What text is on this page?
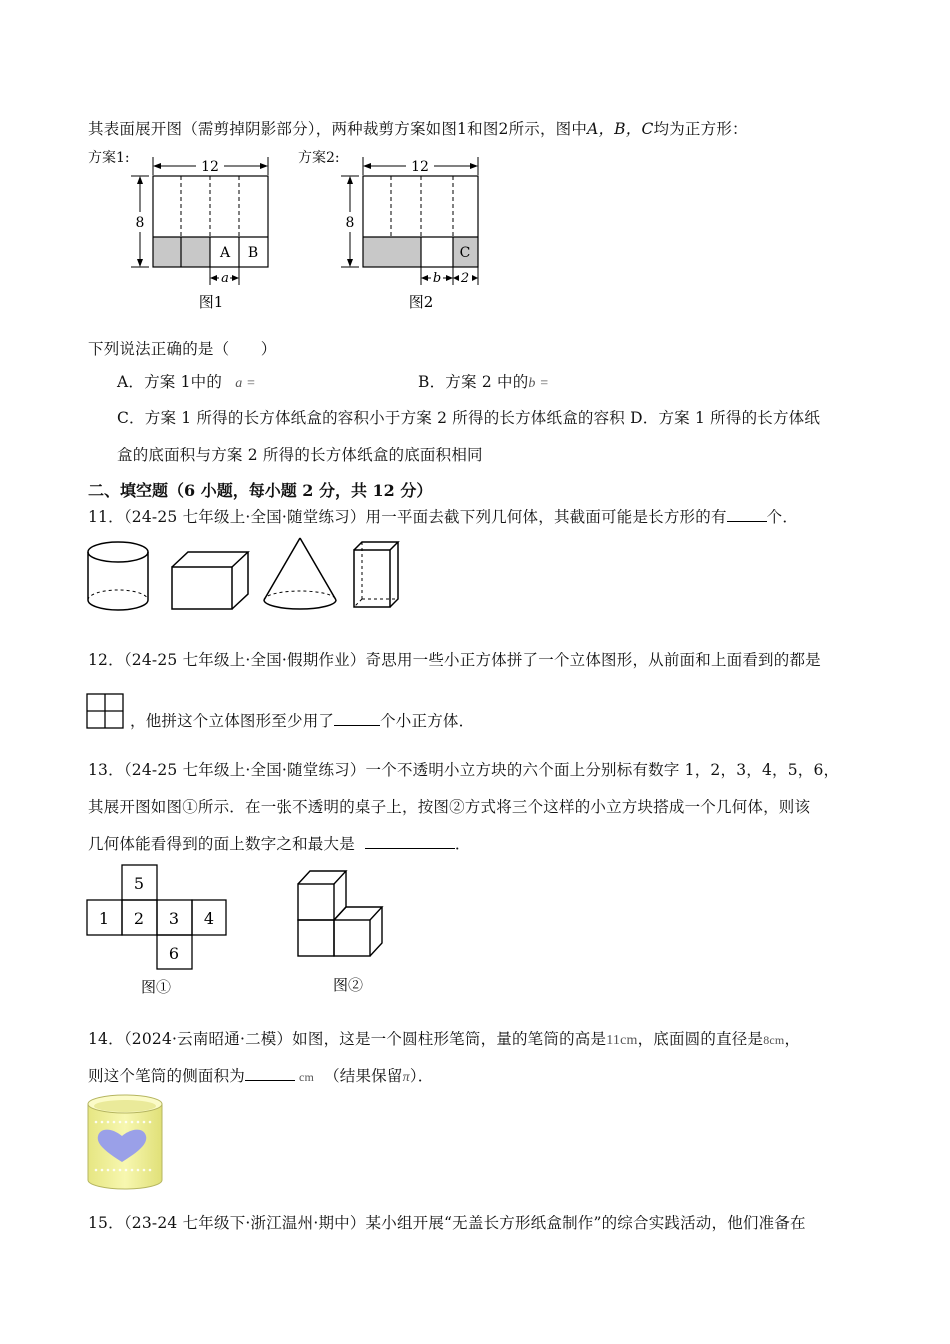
其表面展开图（需剪掉阴影部分），两种裁剪方案如图1和图2所示，图中A，B，C均为正方形：
方案1:	方案2:
12
8
A B
a
图1
12
8
C
b 2
图2
下列说法正确的是（　　）
A．方案 1中的 a =	B．方案 2 中的b =
C．方案 1 所得的长方体纸盒的容积小于方案 2 所得的长方体纸盒的容积 D．方案 1 所得的长方体纸
盒的底面积与方案 2 所得的长方体纸盒的底面积相同
二、填空题（6 小题，每小题 2 分，共 12 分）
11．（24-25 七年级上·全国·随堂练习）用一平面去截下列几何体，其截面可能是长方形的有	个．
12．（24-25 七年级上·全国·假期作业）奇思用一些小正方体拼了一个立体图形，从前面和上面看到的都是
，他拼这个立体图形至少用了	个小正方体．
13．（24-25 七年级上·全国·随堂练习）一个不透明小立方块的六个面上分别标有数字 1，2，3，4，5，6，
其展开图如图①所示．在一张不透明的桌子上，按图②方式将三个这样的小立方块搭成一个几何体，则该
几何体能看得到的面上数字之和最大是	．
5
1 2 3 4
6
图①	图②
14．（2024·云南昭通·二模）如图，这是一个圆柱形笔筒，量的笔筒的高是11cm，底面圆的直径是8cm，
则这个笔筒的侧面积为	cm （结果保留π）．
15．（23-24 七年级下·浙江温州·期中）某小组开展“无盖长方形纸盒制作”的综合实践活动，他们准备在
